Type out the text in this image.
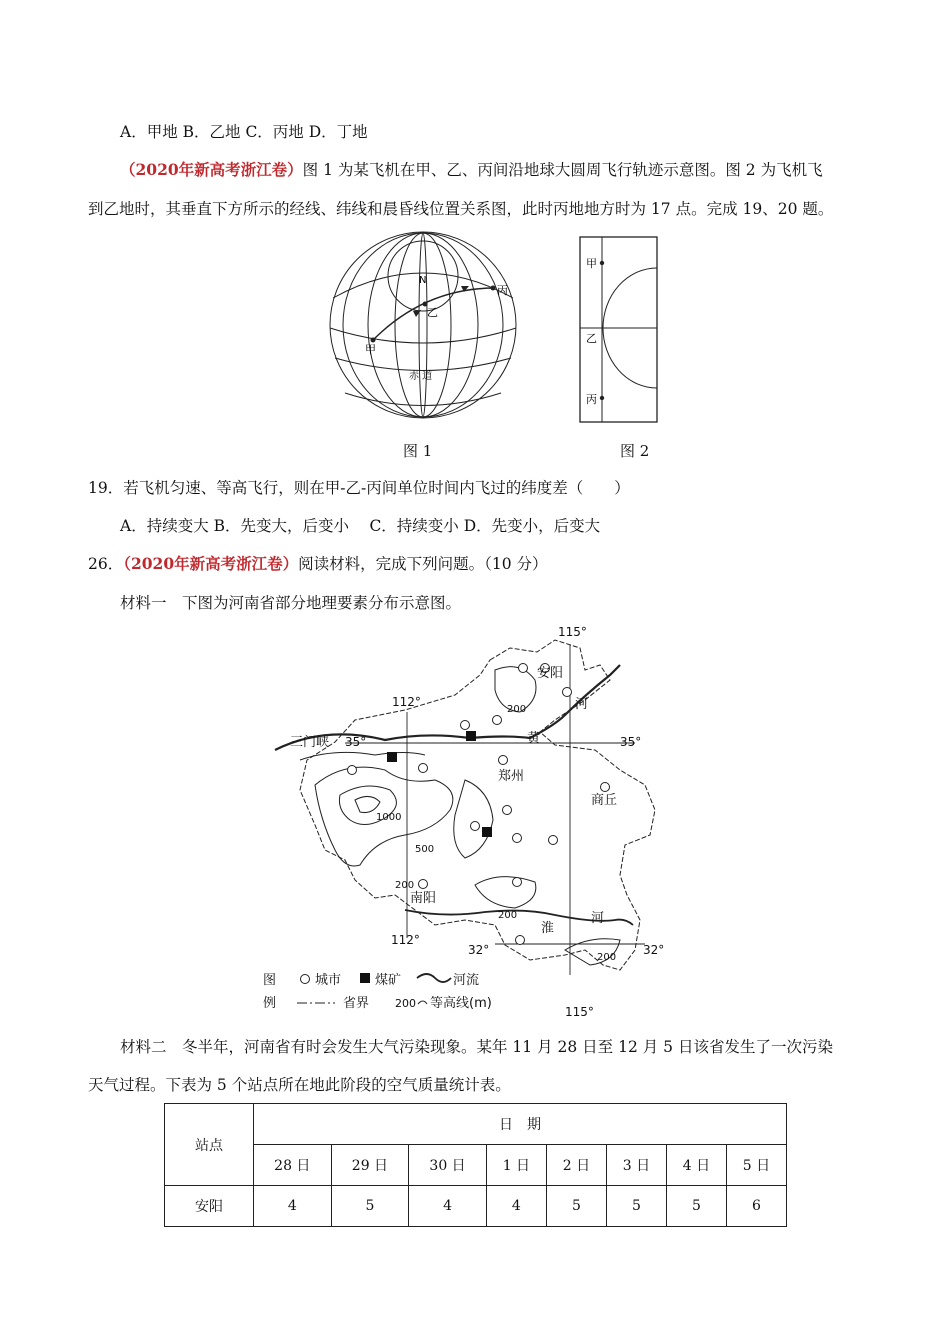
A．甲地 B．乙地 C．丙地 D．丁地
（2020年新高考浙江卷）图 1 为某飞机在甲、乙、丙间沿地球大圆周飞行轨迹示意图。图 2 为飞机飞
到乙地时，其垂直下方所示的经线、纬线和晨昏线位置关系图，此时丙地地方时为 17 点。完成 19、20 题。
N
甲
乙
丙
赤 道
甲
乙
丙
图 1	图 2
19．若飞机匀速、等高飞行，则在甲-乙-丙间单位时间内飞过的纬度差（　　）
A．持续变大 B．先变大，后变小　 C．持续变小 D．先变小，后变大
26．（2020年新高考浙江卷）阅读材料，完成下列问题。（10 分）
材料一　下图为河南省部分地理要素分布示意图。
115°
115°
112°
112°
35°	35°
32°	32°
安阳
郑州
商丘
南阳
三门峡	黄
河
淮
河
200
1000
500
200
200
200
图
例
城市	煤矿	河流
省界 200 等高线(m)
材料二　冬半年，河南省有时会发生大气污染现象。某年 11 月 28 日至 12 月 5 日该省发生了一次污染
天气过程。下表为 5 个站点所在地此阶段的空气质量统计表。
站点	日　期							
	28 日	29 日	30 日	1 日	2 日	3 日	4 日	5 日
安阳	4	5	4	4	5	5	5	6
